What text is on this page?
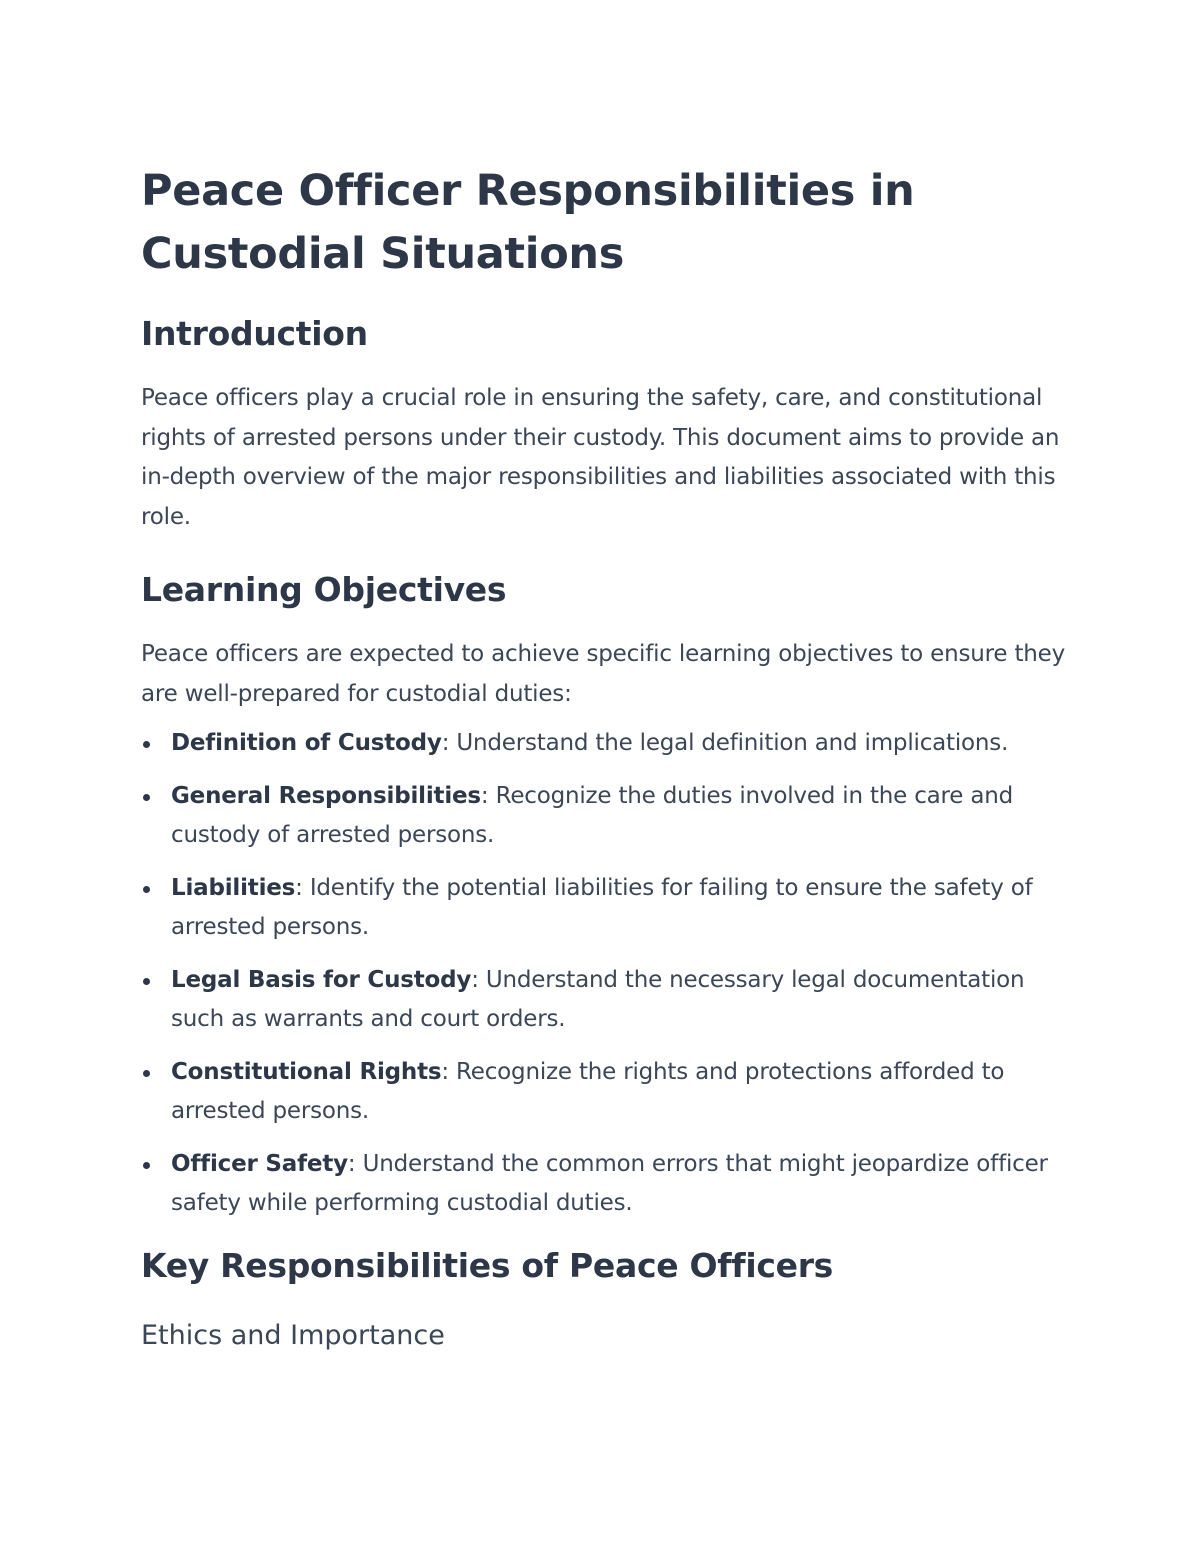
Peace Officer Responsibilities in Custodial Situations
Introduction

Peace officers play a crucial role in ensuring the safety, care, and constitutional rights of arrested persons under their custody. This document aims to provide an in-depth overview of the major responsibilities and liabilities associated with this role.

Learning Objectives

Peace officers are expected to achieve specific learning objectives to ensure they are well-prepared for custodial duties:

Definition of Custody: Understand the legal definition and implications.
General Responsibilities: Recognize the duties involved in the care and custody of arrested persons.
Liabilities: Identify the potential liabilities for failing to ensure the safety of arrested persons.
Legal Basis for Custody: Understand the necessary legal documentation such as warrants and court orders.
Constitutional Rights: Recognize the rights and protections afforded to arrested persons.
Officer Safety: Understand the common errors that might jeopardize officer safety while performing custodial duties.
Key Responsibilities of Peace Officers
Ethics and Importance
